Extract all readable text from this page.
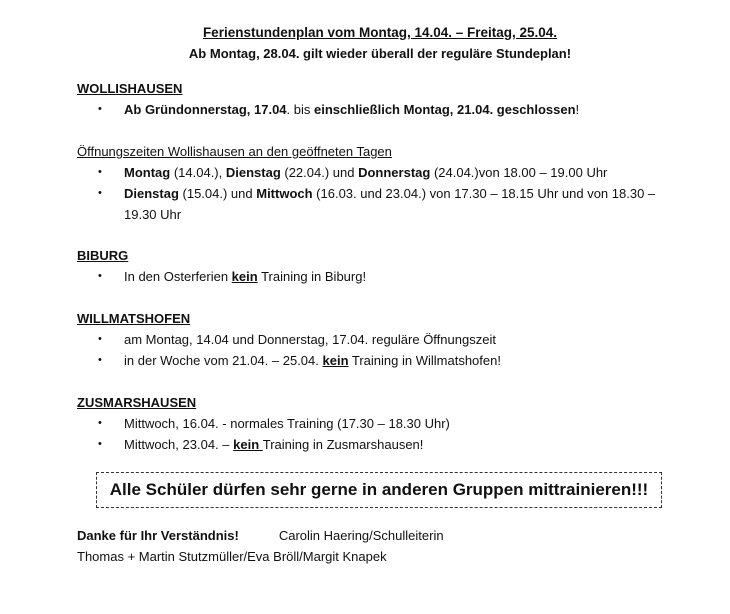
Ferienstundenplan vom Montag, 14.04. – Freitag, 25.04.
Ab Montag, 28.04. gilt wieder überall der reguläre Stundeplan!

WOLLISHAUSEN

• Ab Gründonnerstag, 17.04. bis einschließlich Montag, 21.04. geschlossen!

Öffnungszeiten Wollishausen an den geöffneten Tagen

• Montag (14.04.), Dienstag (22.04.) und Donnerstag (24.04.)von 18.00 – 19.00 Uhr
• Dienstag (15.04.) und Mittwoch (16.03. und 23.04.) von 17.30 – 18.15 Uhr und von 18.30 –
19.30 Uhr

BIBURG

• In den Osterferien kein Training in Biburg!

WILLMATSHOFEN

• am Montag, 14.04 und Donnerstag, 17.04. reguläre Öffnungszeit
• in der Woche vom 21.04. – 25.04. kein Training in Willmatshofen!

ZUSMARSHAUSEN

• Mittwoch, 16.04. - normales Training (17.30 – 18.30 Uhr)
• Mittwoch, 23.04. – kein Training in Zusmarshausen!
Alle Schüler dürfen sehr gerne in anderen Gruppen mittrainieren!!!
Danke für Ihr Verständnis!	Carolin Haering/Schulleiterin
Thomas + Martin Stutzmüller/Eva Bröll/Margit Knapek
